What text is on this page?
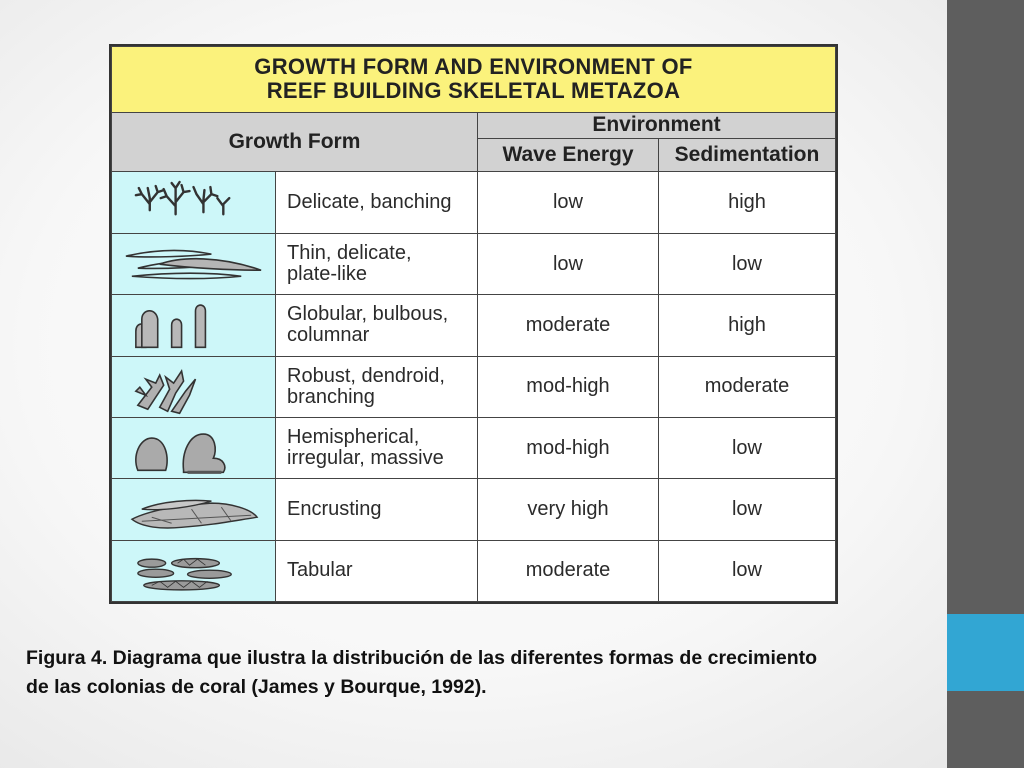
GROWTH FORM AND ENVIRONMENT OF
REEF BUILDING SKELETAL METAZOA			
Growth Form		Environment	
		Wave Energy	Sedimentation

	Delicate, banching	low	high

	Thin, delicate,
plate-like	low	low

	Globular, bulbous,
columnar	moderate	high

	Robust, dendroid,
branching	mod-high	moderate

	Hemispherical,
irregular, massive	mod-high	low

	Encrusting	very high	low

	Tabular	moderate	low
Figura 4. Diagrama que ilustra la distribución de las diferentes formas de crecimiento
de las colonias de coral (James y Bourque, 1992).
